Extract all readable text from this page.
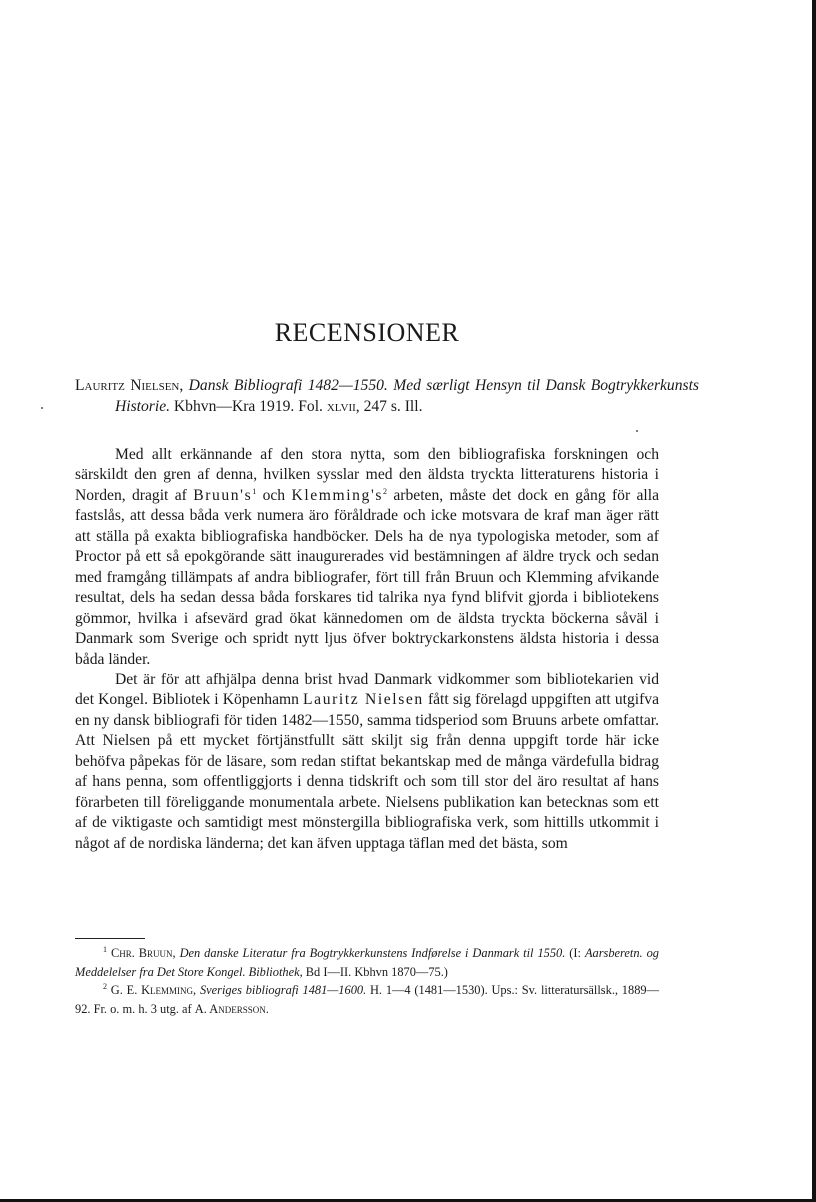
RECENSIONER

Lauritz Nielsen, Dansk Bibliografi 1482—1550. Med særligt Hensyn til Dansk Bogtrykkerkunsts Historie. Kbhvn—Kra 1919. Fol. xlvii, 247 s. Ill.

Med allt erkännande af den stora nytta, som den bibliografiska forskningen och särskildt den gren af denna, hvilken sysslar med den äldsta tryckta litteraturens historia i Norden, dragit af $Bruun's^1$ och $Klemming's^2$ arbeten, måste det dock en gång för alla fastslås, att dessa båda verk numera äro föråldrade och icke motsvara de kraf man äger rätt att ställa på exakta bibliografiska handböcker. Dels ha de nya typologiska metoder, som af Proctor på ett så epokgörande sätt inaugurerades vid bestämningen af äldre tryck och sedan med framgång tillämpats af andra bibliografer, fört till från Bruun och Klemming afvikande resultat, dels ha sedan dessa båda forskares tid talrika nya fynd blifvit gjorda i bibliotekens gömmor, hvilka i afsevärd grad ökat kännedomen om de äldsta tryckta böckerna såväl i Danmark som Sverige och spridt nytt ljus öfver boktryckarkonstens äldsta historia i dessa båda länder.

Det är för att afhjälpa denna brist hvad Danmark vidkommer som bibliotekarien vid det Kongel. Bibliotek i Köpenhamn Lauritz Nielsen fått sig förelagd uppgiften att utgifva en ny dansk bibliografi för tiden 1482—1550, samma tidsperiod som Bruuns arbete omfattar. Att Nielsen på ett mycket förtjänstfullt sätt skiljt sig från denna uppgift torde här icke behöfva påpekas för de läsare, som redan stiftat bekantskap med de många värdefulla bidrag af hans penna, som offentliggjorts i denna tidskrift och som till stor del äro resultat af hans förarbeten till föreliggande monumentala arbete. Nielsens publikation kan betecknas som ett af de viktigaste och samtidigt mest mönstergilla bibliografiska verk, som hittills utkommit i något af de nordiska länderna; det kan äfven upptaga täflan med det bästa, som

$^1$ Chr. Bruun, Den danske Literatur fra Bogtrykkerkunstens Indførelse i Danmark til 1550. (I: Aarsberetn. og Meddelelser fra Det Store Kongel. Bibliothek, Bd I—II. Kbhvn 1870—75.)

$^2$ G. E. Klemming, Sveriges bibliografi 1481—1600. H. 1—4 (1481—1530). Ups.: Sv. litteratursällsk., 1889—92. Fr. o. m. h. 3 utg. af A. Andersson.
